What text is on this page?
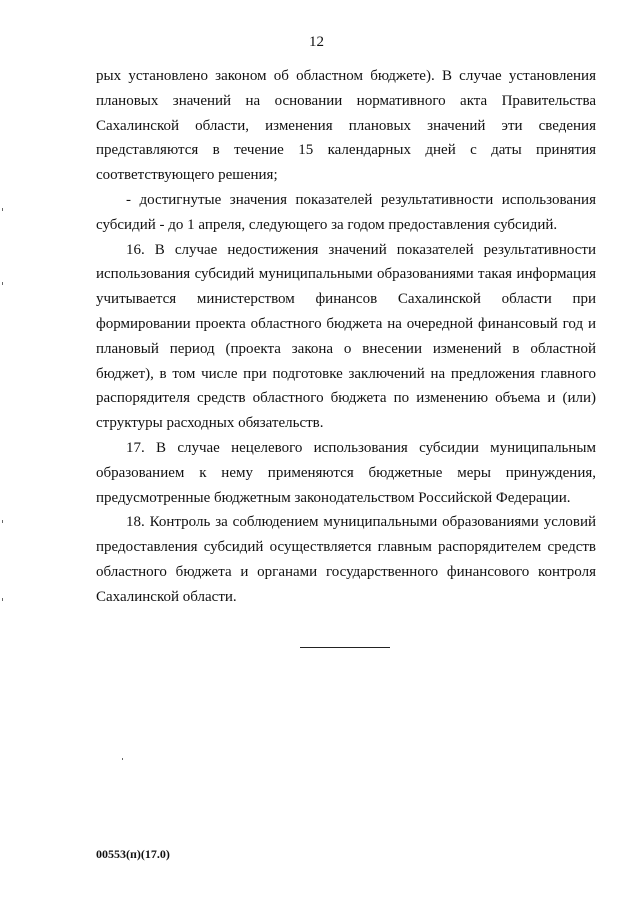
12

рых установлено законом об областном бюджете). В случае установления плановых значений на основании нормативного акта Правительства Сахалинской области, изменения плановых значений эти сведения представляются в течение 15 календарных дней с даты принятия соответствующего решения;

- достигнутые значения показателей результативности использования субсидий - до 1 апреля, следующего за годом предоставления субсидий.

16. В случае недостижения значений показателей результативности использования субсидий муниципальными образованиями такая информация учитывается министерством финансов Сахалинской области при формировании проекта областного бюджета на очередной финансовый год и плановый период (проекта закона о внесении изменений в областной бюджет), в том числе при подготовке заключений на предложения главного распорядителя средств областного бюджета по изменению объема и (или) структуры расходных обязательств.

17. В случае нецелевого использования субсидии муниципальным образованием к нему применяются бюджетные меры принуждения, предусмотренные бюджетным законодательством Российской Федерации.

18. Контроль за соблюдением муниципальными образованиями условий предоставления субсидий осуществляется главным распорядителем средств областного бюджета и органами государственного финансового контроля Сахалинской области.

00553(п)(17.0)
